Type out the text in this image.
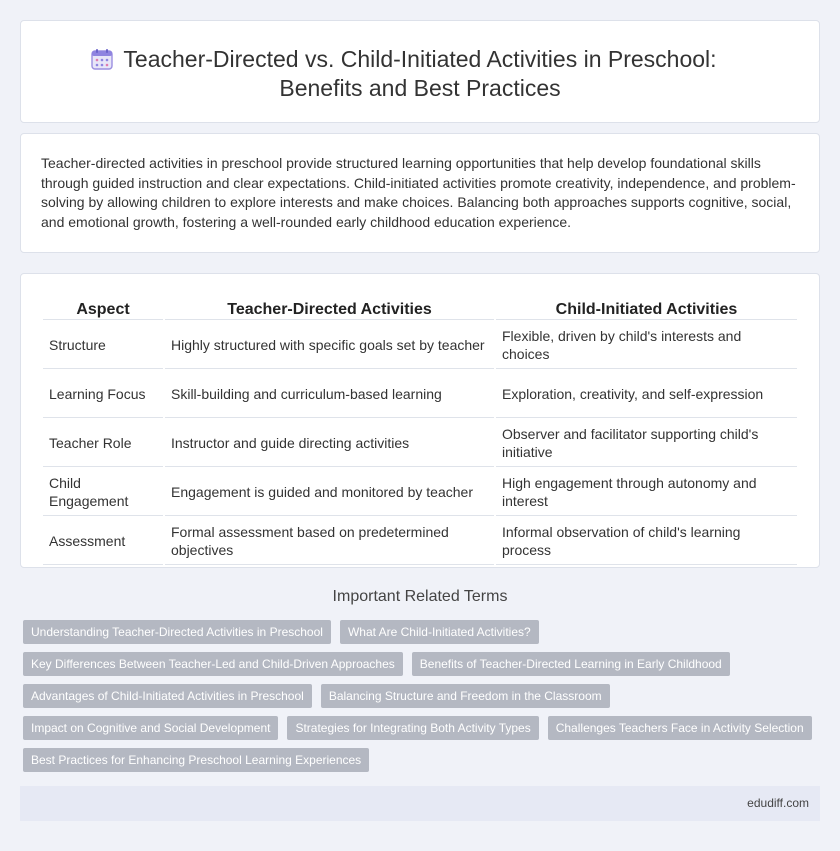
Teacher-Directed vs. Child-Initiated Activities in Preschool:
Benefits and Best Practices

Teacher-directed activities in preschool provide structured learning opportunities that help develop foundational skills through guided instruction and clear expectations. Child-initiated activities promote creativity, independence, and problem-solving by allowing children to explore interests and make choices. Balancing both approaches supports cognitive, social, and emotional growth, fostering a well-rounded early childhood education experience.

Aspect	Teacher-Directed Activities	Child-Initiated Activities
Structure	Highly structured with specific goals set by teacher	Flexible, driven by child's interests and choices
Learning Focus	Skill-building and curriculum-based learning	Exploration, creativity, and self-expression
Teacher Role	Instructor and guide directing activities	Observer and facilitator supporting child's initiative
Child Engagement	Engagement is guided and monitored by teacher	High engagement through autonomy and interest
Assessment	Formal assessment based on predetermined objectives	Informal observation of child's learning process
Important Related Terms
Understanding Teacher-Directed Activities in Preschool	What Are Child-Initiated Activities?
Key Differences Between Teacher-Led and Child-Driven Approaches	Benefits of Teacher-Directed Learning in Early Childhood
Advantages of Child-Initiated Activities in Preschool	Balancing Structure and Freedom in the Classroom
Impact on Cognitive and Social Development	Strategies for Integrating Both Activity Types	Challenges Teachers Face in Activity Selection
Best Practices for Enhancing Preschool Learning Experiences
edudiff.com
